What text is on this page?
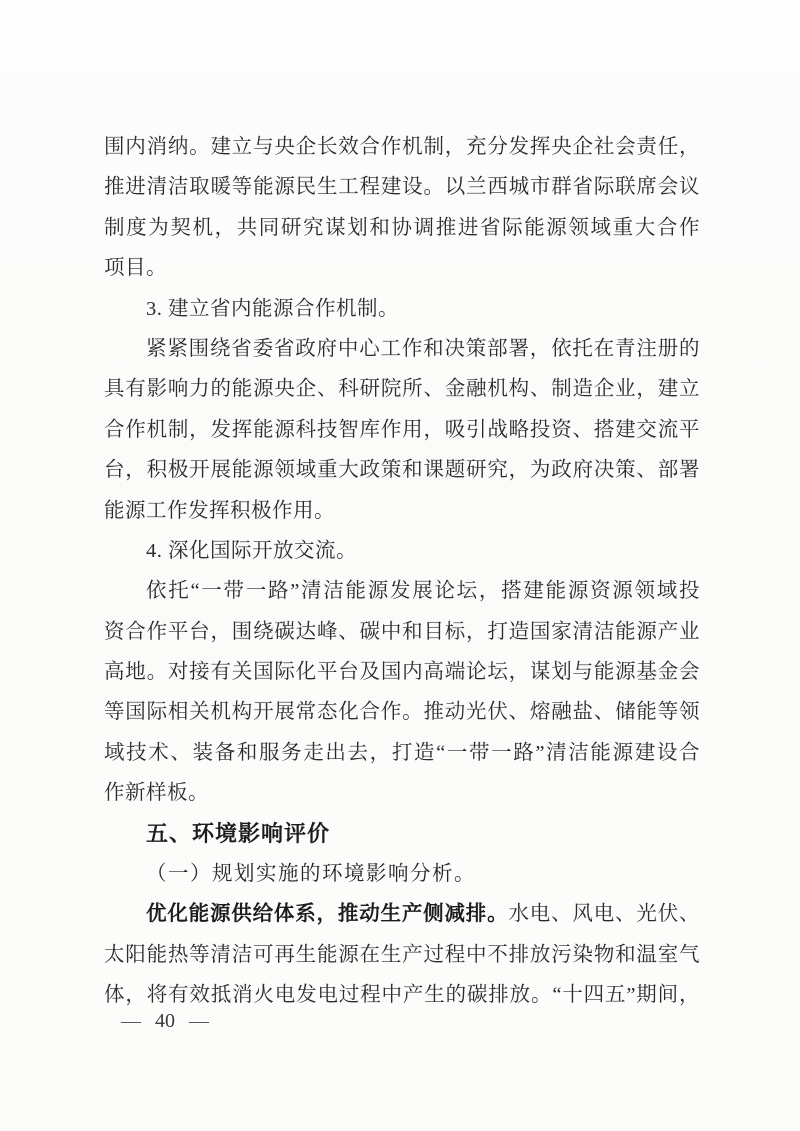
围内消纳。建立与央企长效合作机制，充分发挥央企社会责任，
推进清洁取暖等能源民生工程建设。以兰西城市群省际联席会议
制度为契机，共同研究谋划和协调推进省际能源领域重大合作
项目。
3. 建立省内能源合作机制。
紧紧围绕省委省政府中心工作和决策部署，依托在青注册的
具有影响力的能源央企、科研院所、金融机构、制造企业，建立
合作机制，发挥能源科技智库作用，吸引战略投资、搭建交流平
台，积极开展能源领域重大政策和课题研究，为政府决策、部署
能源工作发挥积极作用。
4. 深化国际开放交流。
依托“一带一路”清洁能源发展论坛，搭建能源资源领域投
资合作平台，围绕碳达峰、碳中和目标，打造国家清洁能源产业
高地。对接有关国际化平台及国内高端论坛，谋划与能源基金会
等国际相关机构开展常态化合作。推动光伏、熔融盐、储能等领
域技术、装备和服务走出去，打造“一带一路”清洁能源建设合
作新样板。
五、环境影响评价
（一）规划实施的环境影响分析。
优化能源供给体系，推动生产侧减排。水电、风电、光伏、
太阳能热等清洁可再生能源在生产过程中不排放污染物和温室气
体，将有效抵消火电发电过程中产生的碳排放。“十四五”期间，
— 40 —
